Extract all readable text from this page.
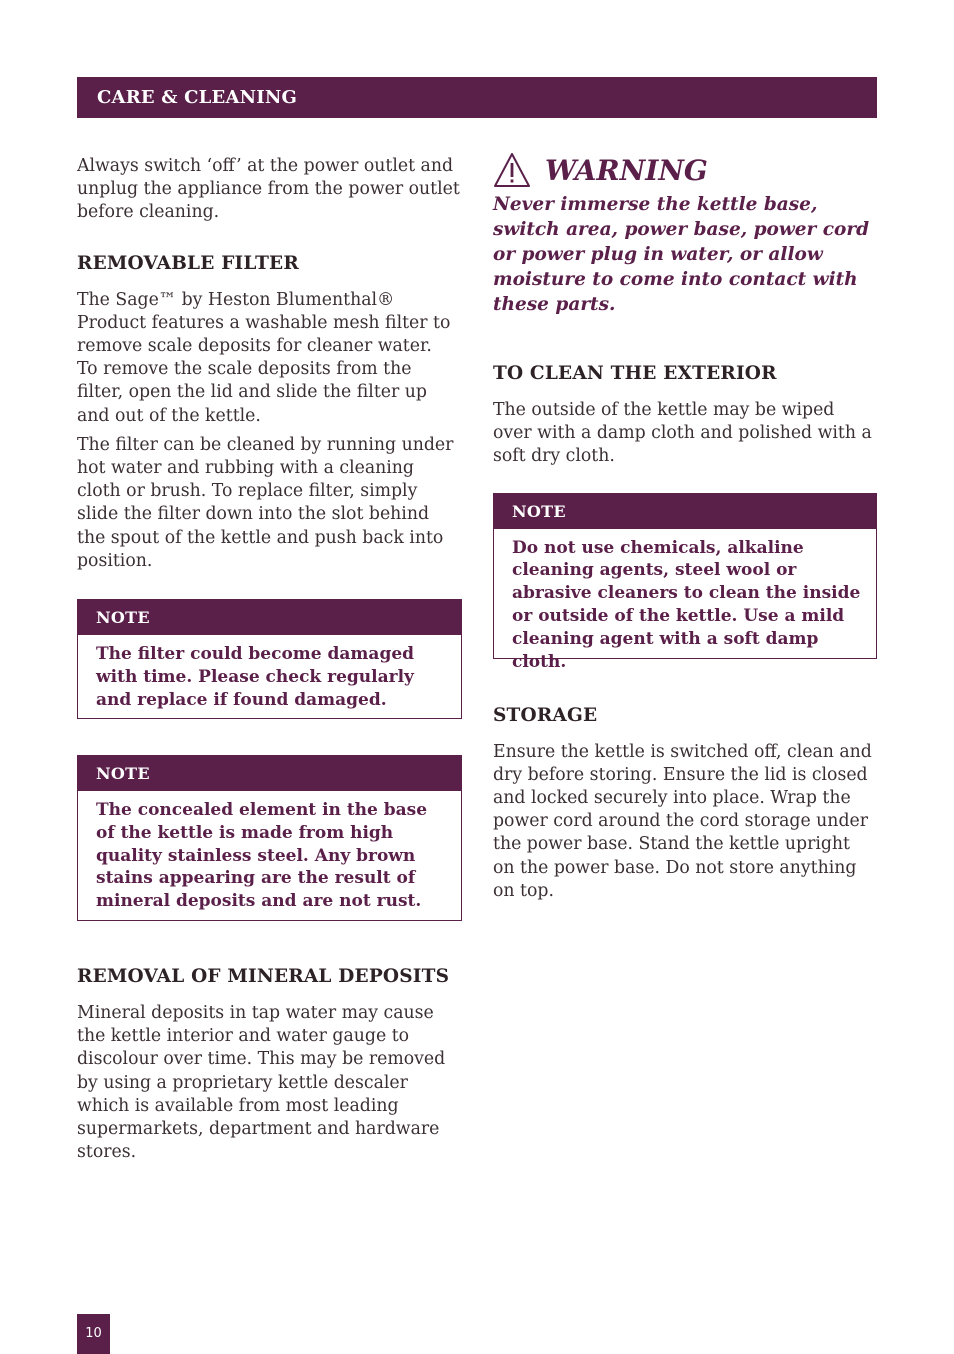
CARE & CLEANING

Always switch ‘off’ at the power outlet and unplug the appliance from the power outlet before cleaning.

REMOVABLE FILTER

The Sage™ by Heston Blumenthal® Product features a washable mesh filter to remove scale deposits for cleaner water.

To remove the scale deposits from the filter, open the lid and slide the filter up and out of the kettle.

The filter can be cleaned by running under hot water and rubbing with a cleaning cloth or brush. To replace filter, simply slide the filter down into the slot behind the spout of the kettle and push back into position.

NOTE

The filter could become damaged with time. Please check regularly and replace if found damaged.

NOTE

The concealed element in the base of the kettle is made from high quality stainless steel. Any brown stains appearing are the result of mineral deposits and are not rust.

REMOVAL OF MINERAL DEPOSITS

Mineral deposits in tap water may cause the kettle interior and water gauge to discolour over time. This may be removed by using a proprietary kettle descaler which is available from most leading supermarkets, department and hardware stores.

WARNING

Never immerse the kettle base, switch area, power base, power cord or power plug in water, or allow moisture to come into contact with these parts.

TO CLEAN THE EXTERIOR

The outside of the kettle may be wiped over with a damp cloth and polished with a soft dry cloth.

NOTE

Do not use chemicals, alkaline cleaning agents, steel wool or abrasive cleaners to clean the inside or outside of the kettle. Use a mild cleaning agent with a soft damp cloth.

STORAGE

Ensure the kettle is switched off, clean and dry before storing. Ensure the lid is closed and locked securely into place. Wrap the power cord around the cord storage under the power base. Stand the kettle upright on the power base. Do not store anything on top.

10
